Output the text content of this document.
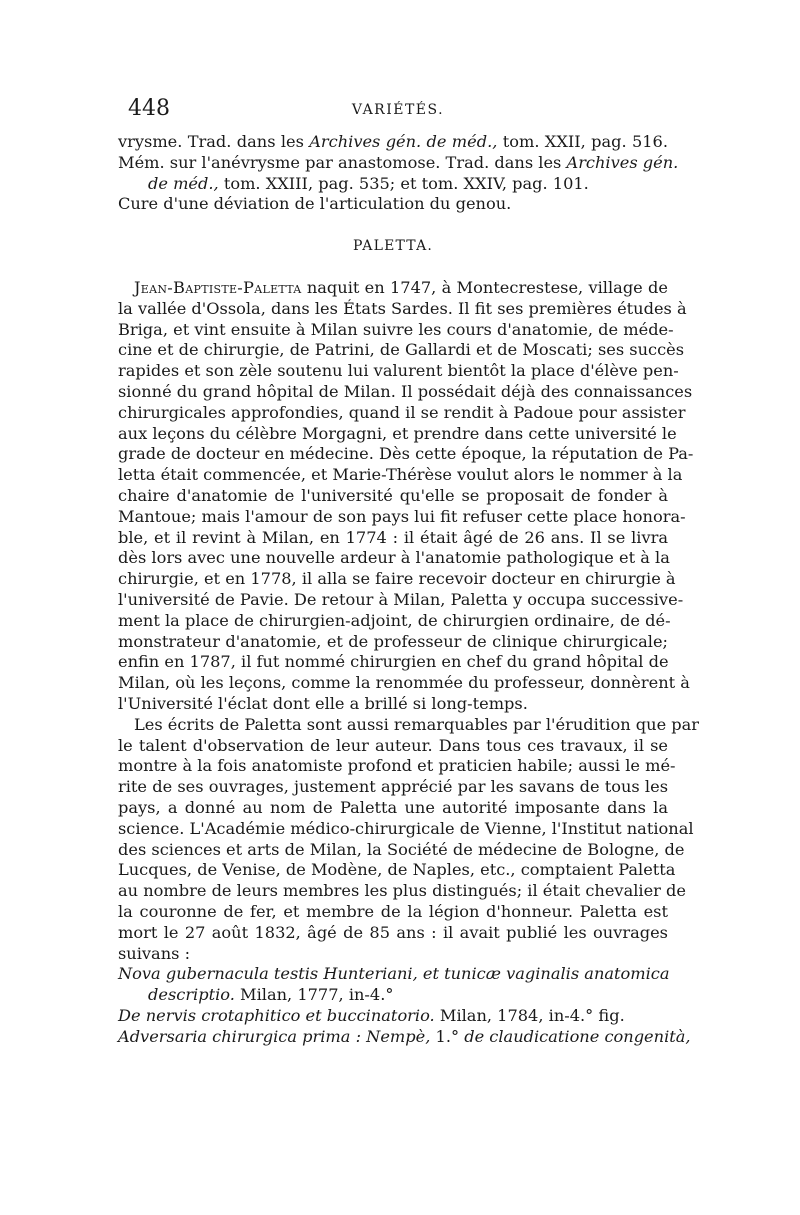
448	VARIÉTÉS.
vrysme. Trad. dans les Archives gén. de méd., tom. XXII, pag. 516.
Mém. sur l'anévrysme par anastomose. Trad. dans les Archives gén.
de méd., tom. XXIII, pag. 535; et tom. XXIV, pag. 101.
Cure d'une déviation de l'articulation du genou.
PALETTA.
Jean-Baptiste-Paletta naquit en 1747, à Montecrestese, village de
la vallée d'Ossola, dans les États Sardes. Il fit ses premières études à
Briga, et vint ensuite à Milan suivre les cours d'anatomie, de méde-
cine et de chirurgie, de Patrini, de Gallardi et de Moscati; ses succès
rapides et son zèle soutenu lui valurent bientôt la place d'élève pen-
sionné du grand hôpital de Milan. Il possédait déjà des connaissances
chirurgicales approfondies, quand il se rendit à Padoue pour assister
aux leçons du célèbre Morgagni, et prendre dans cette université le
grade de docteur en médecine. Dès cette époque, la réputation de Pa-
letta était commencée, et Marie-Thérèse voulut alors le nommer à la
chaire d'anatomie de l'université qu'elle se proposait de fonder à
Mantoue; mais l'amour de son pays lui fit refuser cette place honora-
ble, et il revint à Milan, en 1774 : il était âgé de 26 ans. Il se livra
dès lors avec une nouvelle ardeur à l'anatomie pathologique et à la
chirurgie, et en 1778, il alla se faire recevoir docteur en chirurgie à
l'université de Pavie. De retour à Milan, Paletta y occupa successive-
ment la place de chirurgien-adjoint, de chirurgien ordinaire, de dé-
monstrateur d'anatomie, et de professeur de clinique chirurgicale;
enfin en 1787, il fut nommé chirurgien en chef du grand hôpital de
Milan, où les leçons, comme la renommée du professeur, donnèrent à
l'Université l'éclat dont elle a brillé si long-temps.
Les écrits de Paletta sont aussi remarquables par l'érudition que par
le talent d'observation de leur auteur. Dans tous ces travaux, il se
montre à la fois anatomiste profond et praticien habile; aussi le mé-
rite de ses ouvrages, justement apprécié par les savans de tous les
pays, a donné au nom de Paletta une autorité imposante dans la
science. L'Académie médico-chirurgicale de Vienne, l'Institut national
des sciences et arts de Milan, la Société de médecine de Bologne, de
Lucques, de Venise, de Modène, de Naples, etc., comptaient Paletta
au nombre de leurs membres les plus distingués; il était chevalier de
la couronne de fer, et membre de la légion d'honneur. Paletta est
mort le 27 août 1832, âgé de 85 ans : il avait publié les ouvrages
suivans :
Nova gubernacula testis Hunteriani, et tunicæ vaginalis anatomica
descriptio. Milan, 1777, in-4.°
De nervis crotaphitico et buccinatorio. Milan, 1784, in-4.° fig.
Adversaria chirurgica prima : Nempè, 1.° de claudicatione congenità,
